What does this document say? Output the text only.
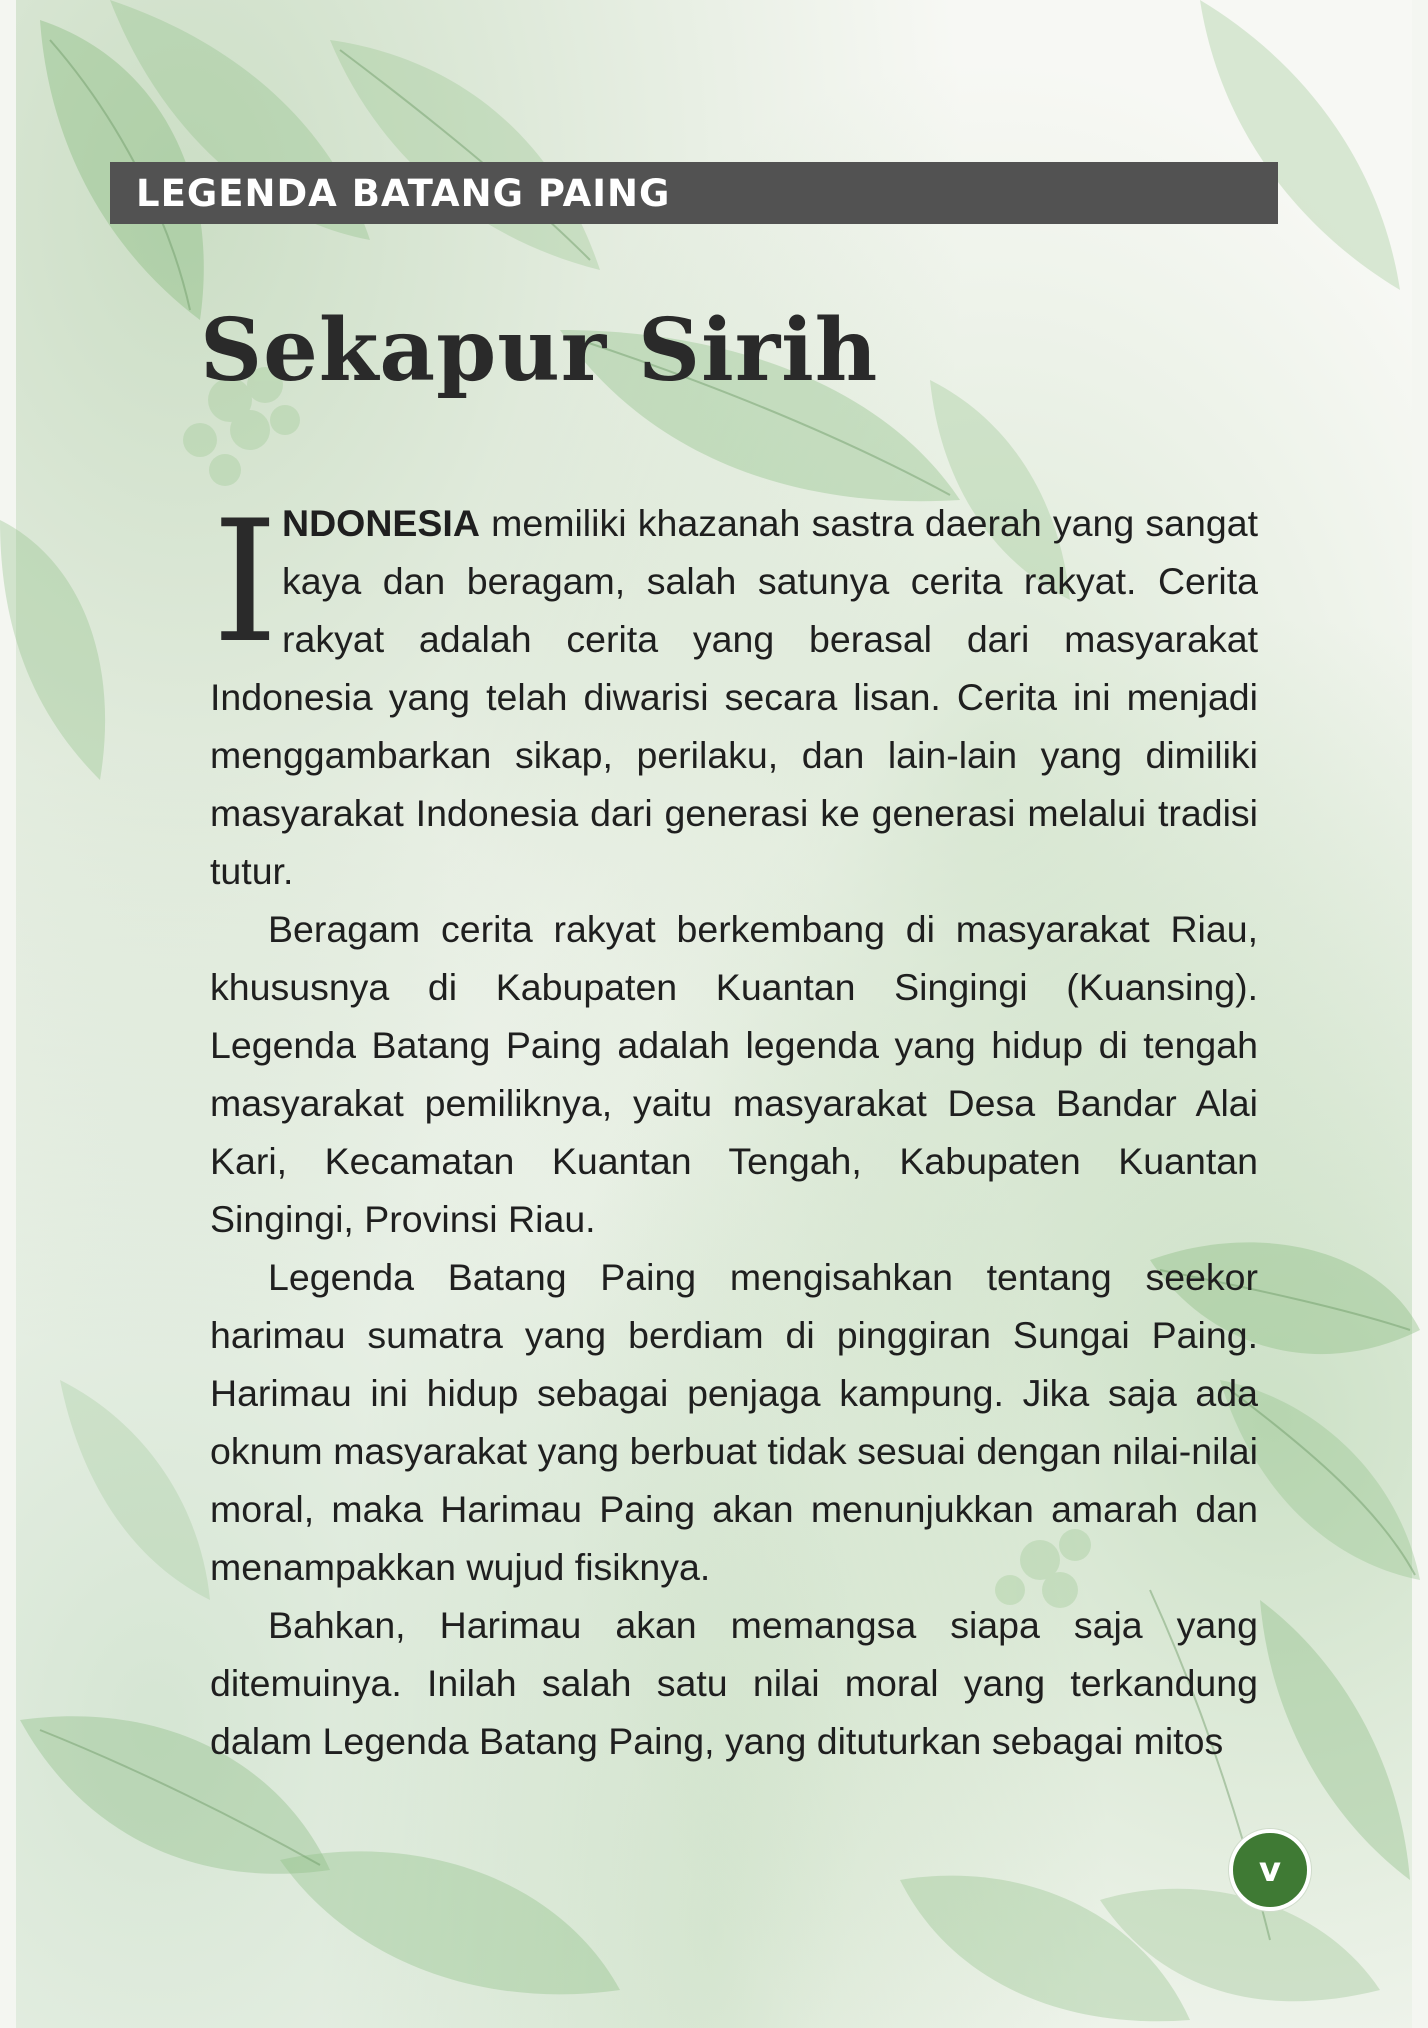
LEGENDA BATANG PAING
Sekapur Sirih

I NDONESIA memiliki khazanah sastra daerah yang sangat kaya dan beragam, salah satunya cerita rakyat. Cerita rakyat adalah cerita yang berasal dari masyarakat Indonesia yang telah diwarisi secara lisan. Cerita ini menjadi menggambarkan sikap, perilaku, dan lain-lain yang dimiliki masyarakat Indonesia dari generasi ke generasi melalui tradisi tutur.

Beragam cerita rakyat berkembang di masyarakat Riau, khususnya di Kabupaten Kuantan Singingi (Kuansing). Legenda Batang Paing adalah legenda yang hidup di tengah masyarakat pemiliknya, yaitu masyarakat Desa Bandar Alai Kari, Kecamatan Kuantan Tengah, Kabupaten Kuantan Singingi, Provinsi Riau.

Legenda Batang Paing mengisahkan tentang seekor harimau sumatra yang berdiam di pinggiran Sungai Paing. Harimau ini hidup sebagai penjaga kampung. Jika saja ada oknum masyarakat yang berbuat tidak sesuai dengan nilai-nilai moral, maka Harimau Paing akan menunjukkan amarah dan menampakkan wujud fisiknya.

Bahkan, Harimau akan memangsa siapa saja yang ditemuinya. Inilah salah satu nilai moral yang terkandung dalam Legenda Batang Paing, yang dituturkan sebagai mitos

v
